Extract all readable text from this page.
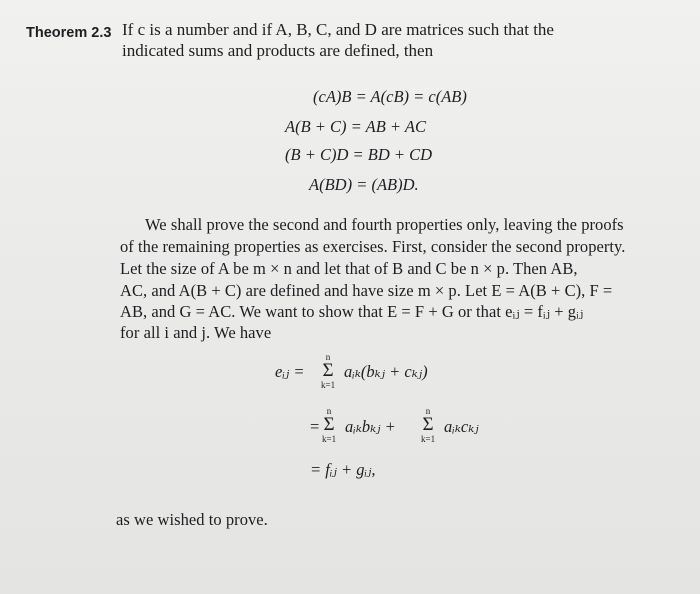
Theorem 2.3 If c is a number and if A, B, C, and D are matrices such that the
indicated sums and products are defined, then
(cA)B = A(cB) = c(AB)
A(B + C) = AB + AC
(B + C)D = BD + CD
A(BD) = (AB)D.
We shall prove the second and fourth properties only, leaving the proofs
of the remaining properties as exercises. First, consider the second property.
Let the size of A be m × n and let that of B and C be n × p. Then AB,
AC, and A(B + C) are defined and have size m × p. Let E = A(B + C), F =
AB, and G = AC. We want to show that E = F + G or that eᵢⱼ = fᵢⱼ + gᵢⱼ
for all i and j. We have
eᵢⱼ =
n
Σ
k=1
aᵢₖ(bₖⱼ + cₖⱼ)
=
n
Σ
k=1
aᵢₖbₖⱼ +
n
Σ
k=1
aᵢₖcₖⱼ
= fᵢⱼ + gᵢⱼ,
as we wished to prove.
